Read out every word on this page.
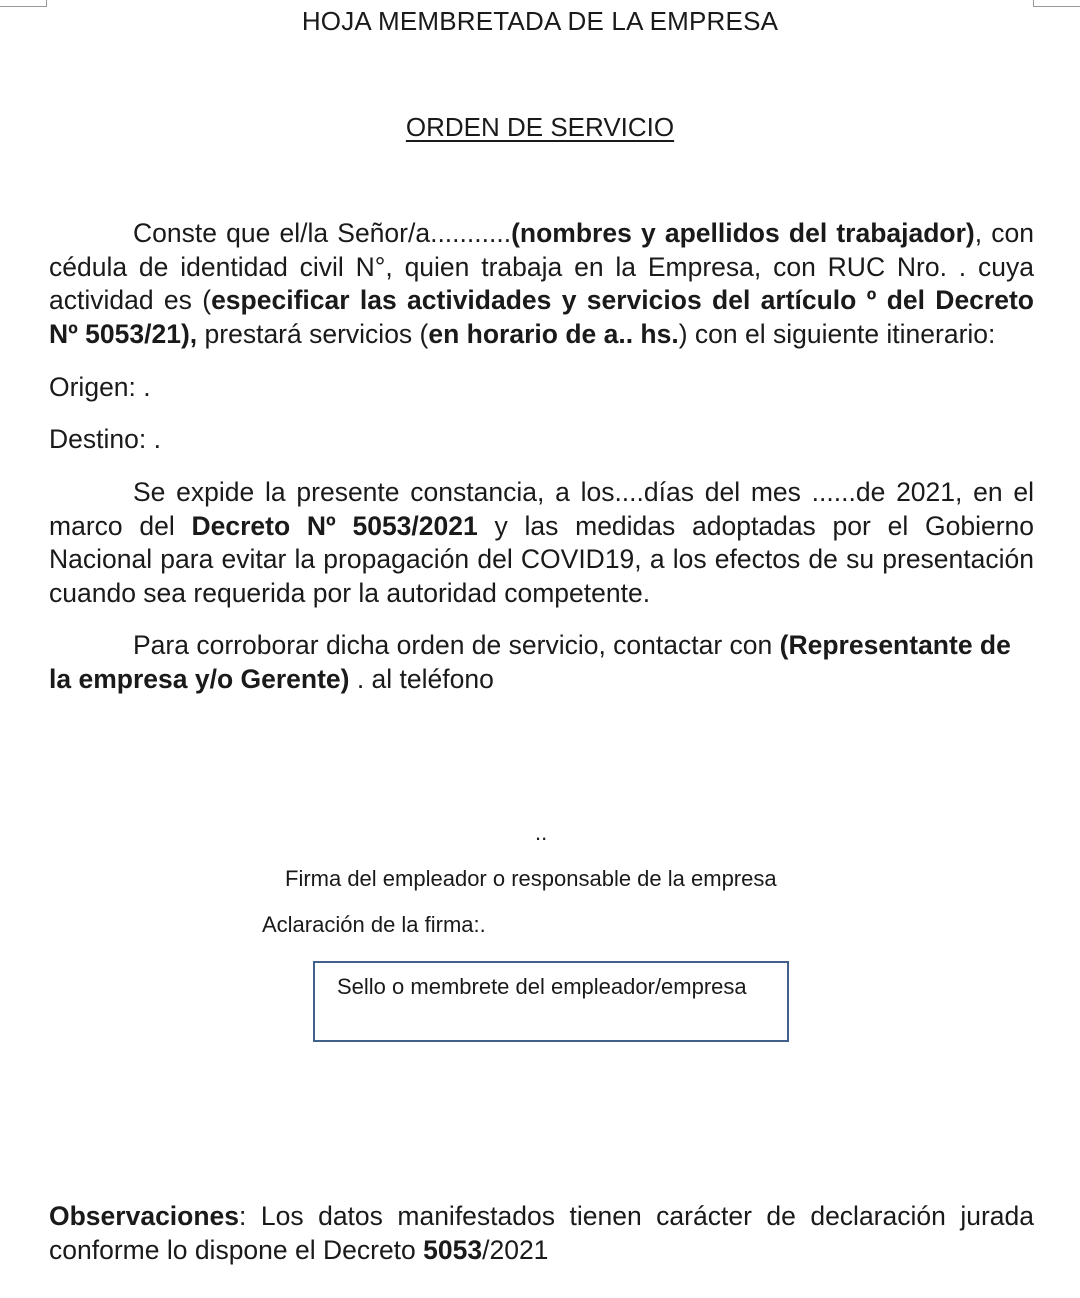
HOJA MEMBRETADA DE LA EMPRESA
ORDEN DE SERVICIO

Conste que el/la Señor/a...........(nombres y apellidos del trabajador), con cédula de identidad civil N°, quien trabaja en la Empresa, con RUC Nro. . cuya actividad es (especificar las actividades y servicios del artículo º del Decreto Nº 5053/21), prestará servicios (en horario de a.. hs.) con el siguiente itinerario:

Origen: .
Destino: .

Se expide la presente constancia, a los....días del mes ......de 2021, en el marco del Decreto Nº 5053/2021 y las medidas adoptadas por el Gobierno Nacional para evitar la propagación del COVID19, a los efectos de su presentación cuando sea requerida por la autoridad competente.

Para corroborar dicha orden de servicio, contactar con (Representante de la empresa y/o Gerente) . al teléfono

..
Firma del empleador o responsable de la empresa
Aclaración de la firma:.
Sello o membrete del empleador/empresa

Observaciones: Los datos manifestados tienen carácter de declaración jurada conforme lo dispone el Decreto 5053/2021
